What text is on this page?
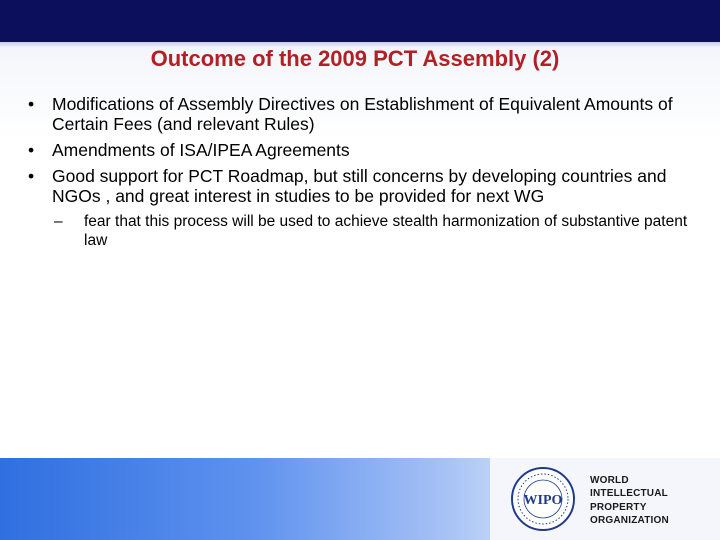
Outcome of the 2009 PCT Assembly (2)
•	Modifications of Assembly Directives on Establishment of Equivalent Amounts of Certain Fees (and relevant Rules)
•	Amendments of ISA/IPEA Agreements
•	Good support for PCT Roadmap, but still concerns by developing countries and NGOs , and great interest in studies to be provided for next WG
–	fear that this process will be used to achieve stealth harmonization of substantive patent law
WIPO
WORLD
INTELLECTUAL
PROPERTY
ORGANIZATION
